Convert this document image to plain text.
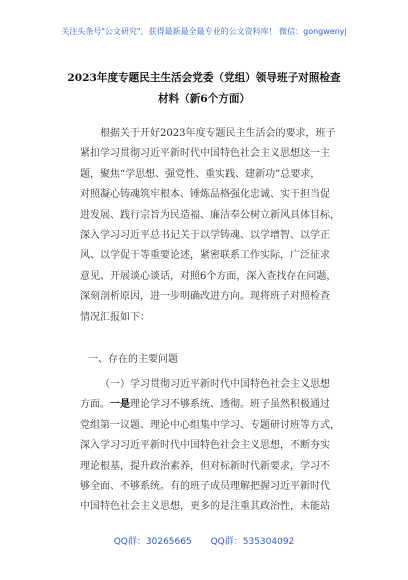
关注头条号"公文研究"，获得最新最全最专业的公文资料库！ 微信：gongwenyj
2023年度专题民主生活会党委（党组）领导班子对照检查
材料（新6个方面）
根据关于开好2023年度专题民主生活会的要求，班子
紧扣学习贯彻习近平新时代中国特色社会主义思想这一主
题，聚焦“学思想、强党性、重实践、建新功”总要求，
对照凝心铸魂筑牢根本、锤炼品格强化忠诚、实干担当促
进发展、践行宗旨为民造福、廉洁奉公树立新风具体目标，
深入学习习近平总书记关于以学铸魂、以学增智、以学正
风、以学促干等重要论述，紧密联系工作实际，广泛征求
意见、开展谈心谈话，对照6个方面，深入查找存在问题，
深刻剖析原因，进一步明确改进方向。现将班子对照检查
情况汇报如下：
一、存在的主要问题
（一）学习贯彻习近平新时代中国特色社会主义思想
方面。一是理论学习不够系统、透彻。班子虽然积极通过
党组第一议题、理论中心组集中学习、专题研讨班等方式，
深入学习习近平新时代中国特色社会主义思想，不断夯实
理论根基，提升政治素养，但对标新时代新要求，学习不
够全面、不够系统。有的班子成员理解把握习近平新时代
中国特色社会主义思想，更多的是注重其政治性，未能站
QQ群：30265665 QQ群：535304092
